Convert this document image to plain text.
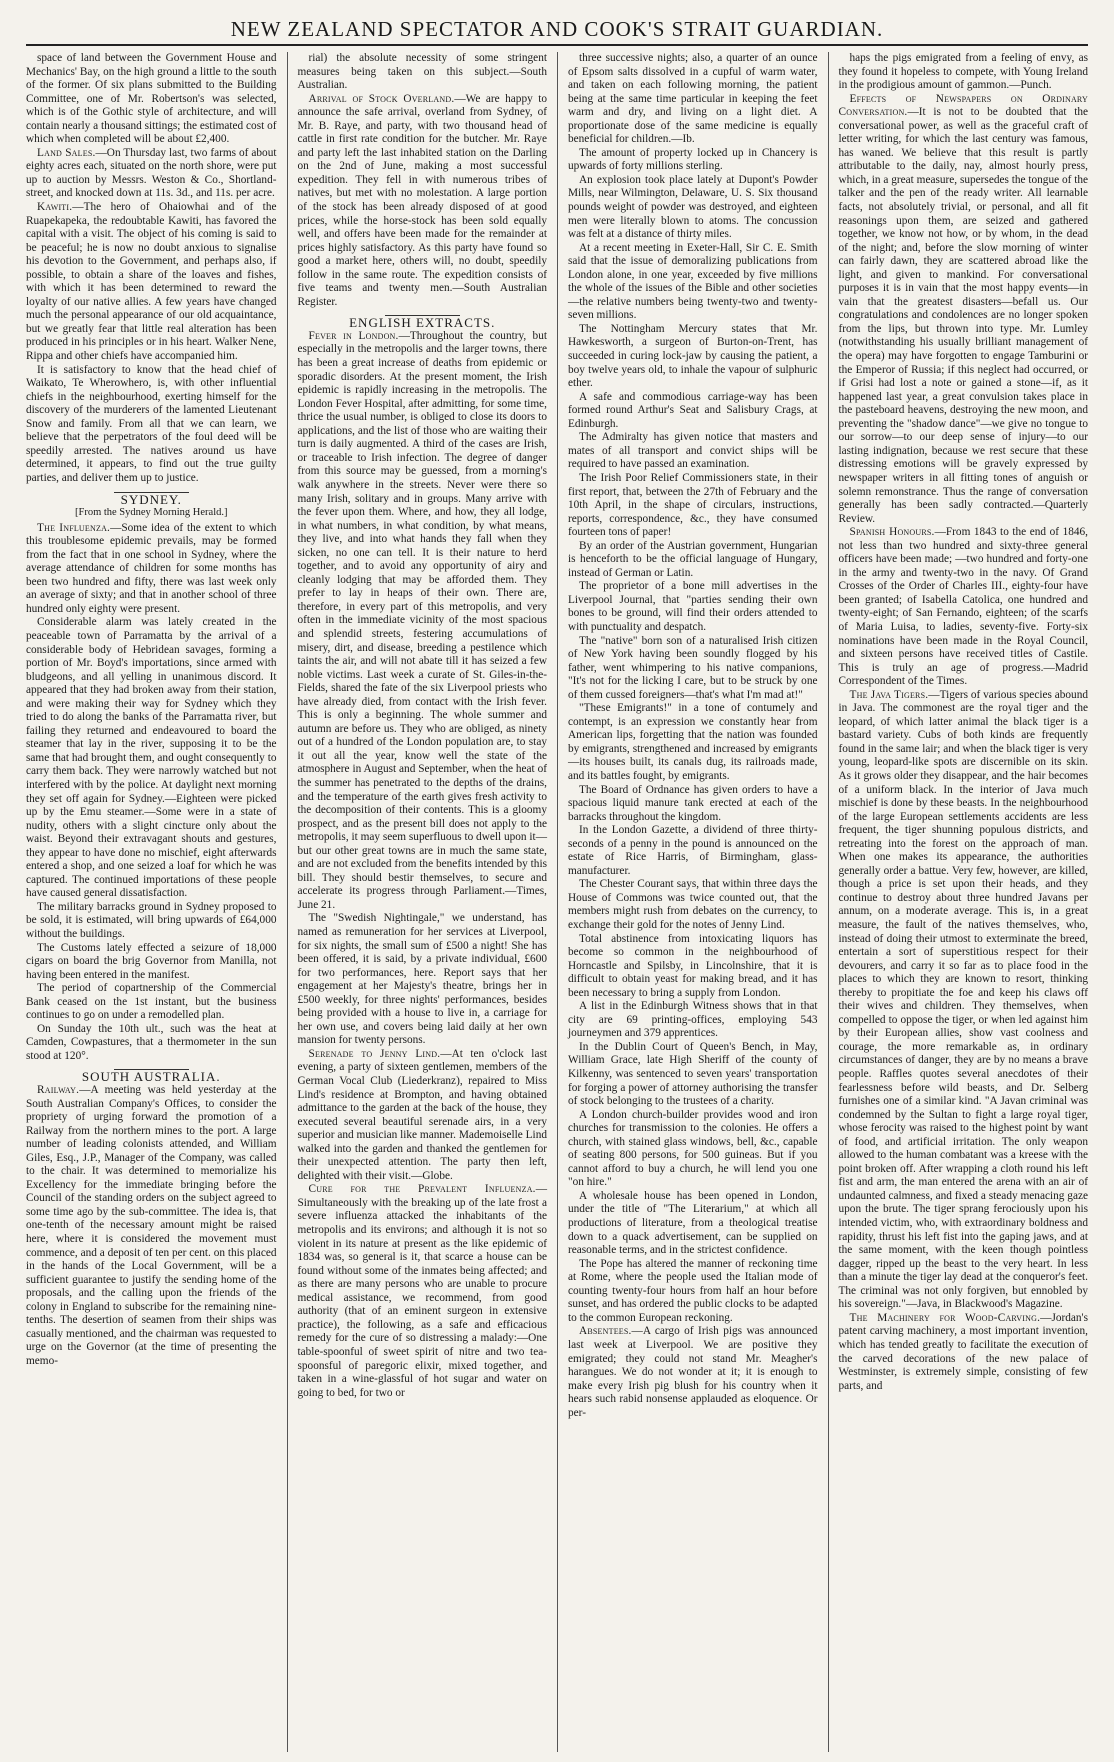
NEW ZEALAND SPECTATOR AND COOK'S STRAIT GUARDIAN.

space of land between the Government House and Mechanics' Bay, on the high ground a little to the south of the former. Of six plans submitted to the Building Committee, one of Mr. Robertson's was selected, which is of the Gothic style of architecture, and will contain nearly a thousand sittings; the estimated cost of which when completed will be about £2,400.

Land Sales.—On Thursday last, two farms of about eighty acres each, situated on the north shore, were put up to auction by Messrs. Weston & Co., Shortland-street, and knocked down at 11s. 3d., and 11s. per acre.

Kawiti.—The hero of Ohaiowhai and of the Ruapekapeka, the redoubtable Kawiti, has favored the capital with a visit. The object of his coming is said to be peaceful; he is now no doubt anxious to signalise his devotion to the Government, and perhaps also, if possible, to obtain a share of the loaves and fishes, with which it has been determined to reward the loyalty of our native allies. A few years have changed much the personal appearance of our old acquaintance, but we greatly fear that little real alteration has been produced in his principles or in his heart. Walker Nene, Rippa and other chiefs have accompanied him.

It is satisfactory to know that the head chief of Waikato, Te Wherowhero, is, with other influential chiefs in the neighbourhood, exerting himself for the discovery of the murderers of the lamented Lieutenant Snow and family. From all that we can learn, we believe that the perpetrators of the foul deed will be speedily arrested. The natives around us have determined, it appears, to find out the true guilty parties, and deliver them up to justice.

SYDNEY.

[From the Sydney Morning Herald.]

The Influenza.—Some idea of the extent to which this troublesome epidemic prevails, may be formed from the fact that in one school in Sydney, where the average attendance of children for some months has been two hundred and fifty, there was last week only an average of sixty; and that in another school of three hundred only eighty were present.

Considerable alarm was lately created in the peaceable town of Parramatta by the arrival of a considerable body of Hebridean savages, forming a portion of Mr. Boyd's importations, since armed with bludgeons, and all yelling in unanimous discord. It appeared that they had broken away from their station, and were making their way for Sydney which they tried to do along the banks of the Parramatta river, but failing they returned and endeavoured to board the steamer that lay in the river, supposing it to be the same that had brought them, and ought consequently to carry them back. They were narrowly watched but not interfered with by the police. At daylight next morning they set off again for Sydney.—Eighteen were picked up by the Emu steamer.—Some were in a state of nudity, others with a slight cincture only about the waist. Beyond their extravagant shouts and gestures, they appear to have done no mischief, eight afterwards entered a shop, and one seized a loaf for which he was captured. The continued importations of these people have caused general dissatisfaction.

The military barracks ground in Sydney proposed to be sold, it is estimated, will bring upwards of £64,000 without the buildings.

The Customs lately effected a seizure of 18,000 cigars on board the brig Governor from Manilla, not having been entered in the manifest.

The period of copartnership of the Commercial Bank ceased on the 1st instant, but the business continues to go on under a remodelled plan.

On Sunday the 10th ult., such was the heat at Camden, Cowpastures, that a thermometer in the sun stood at 120°.

SOUTH AUSTRALIA.

Railway.—A meeting was held yesterday at the South Australian Company's Offices, to consider the propriety of urging forward the promotion of a Railway from the northern mines to the port. A large number of leading colonists attended, and William Giles, Esq., J.P., Manager of the Company, was called to the chair. It was determined to memorialize his Excellency for the immediate bringing before the Council of the standing orders on the subject agreed to some time ago by the sub-committee. The idea is, that one-tenth of the necessary amount might be raised here, where it is considered the movement must commence, and a deposit of ten per cent. on this placed in the hands of the Local Government, will be a sufficient guarantee to justify the sending home of the proposals, and the calling upon the friends of the colony in England to subscribe for the remaining nine-tenths. The desertion of seamen from their ships was casually mentioned, and the chairman was requested to urge on the Governor (at the time of presenting the memo-

rial) the absolute necessity of some stringent measures being taken on this subject.—South Australian.

Arrival of Stock Overland.—We are happy to announce the safe arrival, overland from Sydney, of Mr. B. Raye, and party, with two thousand head of cattle in first rate condition for the butcher. Mr. Raye and party left the last inhabited station on the Darling on the 2nd of June, making a most successful expedition. They fell in with numerous tribes of natives, but met with no molestation. A large portion of the stock has been already disposed of at good prices, while the horse-stock has been sold equally well, and offers have been made for the remainder at prices highly satisfactory. As this party have found so good a market here, others will, no doubt, speedily follow in the same route. The expedition consists of five teams and twenty men.—South Australian Register.

ENGLISH EXTRACTS.

Fever in London.—Throughout the country, but especially in the metropolis and the larger towns, there has been a great increase of deaths from epidemic or sporadic disorders. At the present moment, the Irish epidemic is rapidly increasing in the metropolis. The London Fever Hospital, after admitting, for some time, thrice the usual number, is obliged to close its doors to applications, and the list of those who are waiting their turn is daily augmented. A third of the cases are Irish, or traceable to Irish infection. The degree of danger from this source may be guessed, from a morning's walk anywhere in the streets. Never were there so many Irish, solitary and in groups. Many arrive with the fever upon them. Where, and how, they all lodge, in what numbers, in what condition, by what means, they live, and into what hands they fall when they sicken, no one can tell. It is their nature to herd together, and to avoid any opportunity of airy and cleanly lodging that may be afforded them. They prefer to lay in heaps of their own. There are, therefore, in every part of this metropolis, and very often in the immediate vicinity of the most spacious and splendid streets, festering accumulations of misery, dirt, and disease, breeding a pestilence which taints the air, and will not abate till it has seized a few noble victims. Last week a curate of St. Giles-in-the-Fields, shared the fate of the six Liverpool priests who have already died, from contact with the Irish fever. This is only a beginning. The whole summer and autumn are before us. They who are obliged, as ninety out of a hundred of the London population are, to stay it out all the year, know well the state of the atmosphere in August and September, when the heat of the summer has penetrated to the depths of the drains, and the temperature of the earth gives fresh activity to the decomposition of their contents. This is a gloomy prospect, and as the present bill does not apply to the metropolis, it may seem superfluous to dwell upon it—but our other great towns are in much the same state, and are not excluded from the benefits intended by this bill. They should bestir themselves, to secure and accelerate its progress through Parliament.—Times, June 21.

The "Swedish Nightingale," we understand, has named as remuneration for her services at Liverpool, for six nights, the small sum of £500 a night! She has been offered, it is said, by a private individual, £600 for two performances, here. Report says that her engagement at her Majesty's theatre, brings her in £500 weekly, for three nights' performances, besides being provided with a house to live in, a carriage for her own use, and covers being laid daily at her own mansion for twenty persons.

Serenade to Jenny Lind.—At ten o'clock last evening, a party of sixteen gentlemen, members of the German Vocal Club (Liederkranz), repaired to Miss Lind's residence at Brompton, and having obtained admittance to the garden at the back of the house, they executed several beautiful serenade airs, in a very superior and musician like manner. Mademoiselle Lind walked into the garden and thanked the gentlemen for their unexpected attention. The party then left, delighted with their visit.—Globe.

Cure for the Prevalent Influenza.—Simultaneously with the breaking up of the late frost a severe influenza attacked the inhabitants of the metropolis and its environs; and although it is not so violent in its nature at present as the like epidemic of 1834 was, so general is it, that scarce a house can be found without some of the inmates being affected; and as there are many persons who are unable to procure medical assistance, we recommend, from good authority (that of an eminent surgeon in extensive practice), the following, as a safe and efficacious remedy for the cure of so distressing a malady:—One table-spoonful of sweet spirit of nitre and two tea-spoonsful of paregoric elixir, mixed together, and taken in a wine-glassful of hot sugar and water on going to bed, for two or

three successive nights; also, a quarter of an ounce of Epsom salts dissolved in a cupful of warm water, and taken on each following morning, the patient being at the same time particular in keeping the feet warm and dry, and living on a light diet. A proportionate dose of the same medicine is equally beneficial for children.—Ib.

The amount of property locked up in Chancery is upwards of forty millions sterling.

An explosion took place lately at Dupont's Powder Mills, near Wilmington, Delaware, U. S. Six thousand pounds weight of powder was destroyed, and eighteen men were literally blown to atoms. The concussion was felt at a distance of thirty miles.

At a recent meeting in Exeter-Hall, Sir C. E. Smith said that the issue of demoralizing publications from London alone, in one year, exceeded by five millions the whole of the issues of the Bible and other societies—the relative numbers being twenty-two and twenty-seven millions.

The Nottingham Mercury states that Mr. Hawkesworth, a surgeon of Burton-on-Trent, has succeeded in curing lock-jaw by causing the patient, a boy twelve years old, to inhale the vapour of sulphuric ether.

A safe and commodious carriage-way has been formed round Arthur's Seat and Salisbury Crags, at Edinburgh.

The Admiralty has given notice that masters and mates of all transport and convict ships will be required to have passed an examination.

The Irish Poor Relief Commissioners state, in their first report, that, between the 27th of February and the 10th April, in the shape of circulars, instructions, reports, correspondence, &c., they have consumed fourteen tons of paper!

By an order of the Austrian government, Hungarian is henceforth to be the official language of Hungary, instead of German or Latin.

The proprietor of a bone mill advertises in the Liverpool Journal, that "parties sending their own bones to be ground, will find their orders attended to with punctuality and despatch.

The "native" born son of a naturalised Irish citizen of New York having been soundly flogged by his father, went whimpering to his native companions, "It's not for the licking I care, but to be struck by one of them cussed foreigners—that's what I'm mad at!"

"These Emigrants!" in a tone of contumely and contempt, is an expression we constantly hear from American lips, forgetting that the nation was founded by emigrants, strengthened and increased by emigrants—its houses built, its canals dug, its railroads made, and its battles fought, by emigrants.

The Board of Ordnance has given orders to have a spacious liquid manure tank erected at each of the barracks throughout the kingdom.

In the London Gazette, a dividend of three thirty-seconds of a penny in the pound is announced on the estate of Rice Harris, of Birmingham, glass-manufacturer.

The Chester Courant says, that within three days the House of Commons was twice counted out, that the members might rush from debates on the currency, to exchange their gold for the notes of Jenny Lind.

Total abstinence from intoxicating liquors has become so common in the neighbourhood of Horncastle and Spilsby, in Lincolnshire, that it is difficult to obtain yeast for making bread, and it has been necessary to bring a supply from London.

A list in the Edinburgh Witness shows that in that city are 69 printing-offices, employing 543 journeymen and 379 apprentices.

In the Dublin Court of Queen's Bench, in May, William Grace, late High Sheriff of the county of Kilkenny, was sentenced to seven years' transportation for forging a power of attorney authorising the transfer of stock belonging to the trustees of a charity.

A London church-builder provides wood and iron churches for transmission to the colonies. He offers a church, with stained glass windows, bell, &c., capable of seating 800 persons, for 500 guineas. But if you cannot afford to buy a church, he will lend you one "on hire."

A wholesale house has been opened in London, under the title of "The Literarium," at which all productions of literature, from a theological treatise down to a quack advertisement, can be supplied on reasonable terms, and in the strictest confidence.

The Pope has altered the manner of reckoning time at Rome, where the people used the Italian mode of counting twenty-four hours from half an hour before sunset, and has ordered the public clocks to be adapted to the common European reckoning.

Absentees.—A cargo of Irish pigs was announced last week at Liverpool. We are positive they emigrated; they could not stand Mr. Meagher's harangues. We do not wonder at it; it is enough to make every Irish pig blush for his country when it hears such rabid nonsense applauded as eloquence. Or per-

haps the pigs emigrated from a feeling of envy, as they found it hopeless to compete, with Young Ireland in the prodigious amount of gammon.—Punch.

Effects of Newspapers on Ordinary Conversation.—It is not to be doubted that the conversational power, as well as the graceful craft of letter writing, for which the last century was famous, has waned. We believe that this result is partly attributable to the daily, nay, almost hourly press, which, in a great measure, supersedes the tongue of the talker and the pen of the ready writer. All learnable facts, not absolutely trivial, or personal, and all fit reasonings upon them, are seized and gathered together, we know not how, or by whom, in the dead of the night; and, before the slow morning of winter can fairly dawn, they are scattered abroad like the light, and given to mankind. For conversational purposes it is in vain that the most happy events—in vain that the greatest disasters—befall us. Our congratulations and condolences are no longer spoken from the lips, but thrown into type. Mr. Lumley (notwithstanding his usually brilliant management of the opera) may have forgotten to engage Tamburini or the Emperor of Russia; if this neglect had occurred, or if Grisi had lost a note or gained a stone—if, as it happened last year, a great convulsion takes place in the pasteboard heavens, destroying the new moon, and preventing the "shadow dance"—we give no tongue to our sorrow—to our deep sense of injury—to our lasting indignation, because we rest secure that these distressing emotions will be gravely expressed by newspaper writers in all fitting tones of anguish or solemn remonstrance. Thus the range of conversation generally has been sadly contracted.—Quarterly Review.

Spanish Honours.—From 1843 to the end of 1846, not less than two hundred and sixty-three general officers have been made; —two hundred and forty-one in the army and twenty-two in the navy. Of Grand Crosses of the Order of Charles III., eighty-four have been granted; of Isabella Catolica, one hundred and twenty-eight; of San Fernando, eighteen; of the scarfs of Maria Luisa, to ladies, seventy-five. Forty-six nominations have been made in the Royal Council, and sixteen persons have received titles of Castile. This is truly an age of progress.—Madrid Correspondent of the Times.

The Java Tigers.—Tigers of various species abound in Java. The commonest are the royal tiger and the leopard, of which latter animal the black tiger is a bastard variety. Cubs of both kinds are frequently found in the same lair; and when the black tiger is very young, leopard-like spots are discernible on its skin. As it grows older they disappear, and the hair becomes of a uniform black. In the interior of Java much mischief is done by these beasts. In the neighbourhood of the large European settlements accidents are less frequent, the tiger shunning populous districts, and retreating into the forest on the approach of man. When one makes its appearance, the authorities generally order a battue. Very few, however, are killed, though a price is set upon their heads, and they continue to destroy about three hundred Javans per annum, on a moderate average. This is, in a great measure, the fault of the natives themselves, who, instead of doing their utmost to exterminate the breed, entertain a sort of superstitious respect for their devourers, and carry it so far as to place food in the places to which they are known to resort, thinking thereby to propitiate the foe and keep his claws off their wives and children. They themselves, when compelled to oppose the tiger, or when led against him by their European allies, show vast coolness and courage, the more remarkable as, in ordinary circumstances of danger, they are by no means a brave people. Raffles quotes several anecdotes of their fearlessness before wild beasts, and Dr. Selberg furnishes one of a similar kind. "A Javan criminal was condemned by the Sultan to fight a large royal tiger, whose ferocity was raised to the highest point by want of food, and artificial irritation. The only weapon allowed to the human combatant was a kreese with the point broken off. After wrapping a cloth round his left fist and arm, the man entered the arena with an air of undaunted calmness, and fixed a steady menacing gaze upon the brute. The tiger sprang ferociously upon his intended victim, who, with extraordinary boldness and rapidity, thrust his left fist into the gaping jaws, and at the same moment, with the keen though pointless dagger, ripped up the beast to the very heart. In less than a minute the tiger lay dead at the conqueror's feet. The criminal was not only forgiven, but ennobled by his sovereign."—Java, in Blackwood's Magazine.

The Machinery for Wood-Carving.—Jordan's patent carving machinery, a most important invention, which has tended greatly to facilitate the execution of the carved decorations of the new palace of Westminster, is extremely simple, consisting of few parts, and
